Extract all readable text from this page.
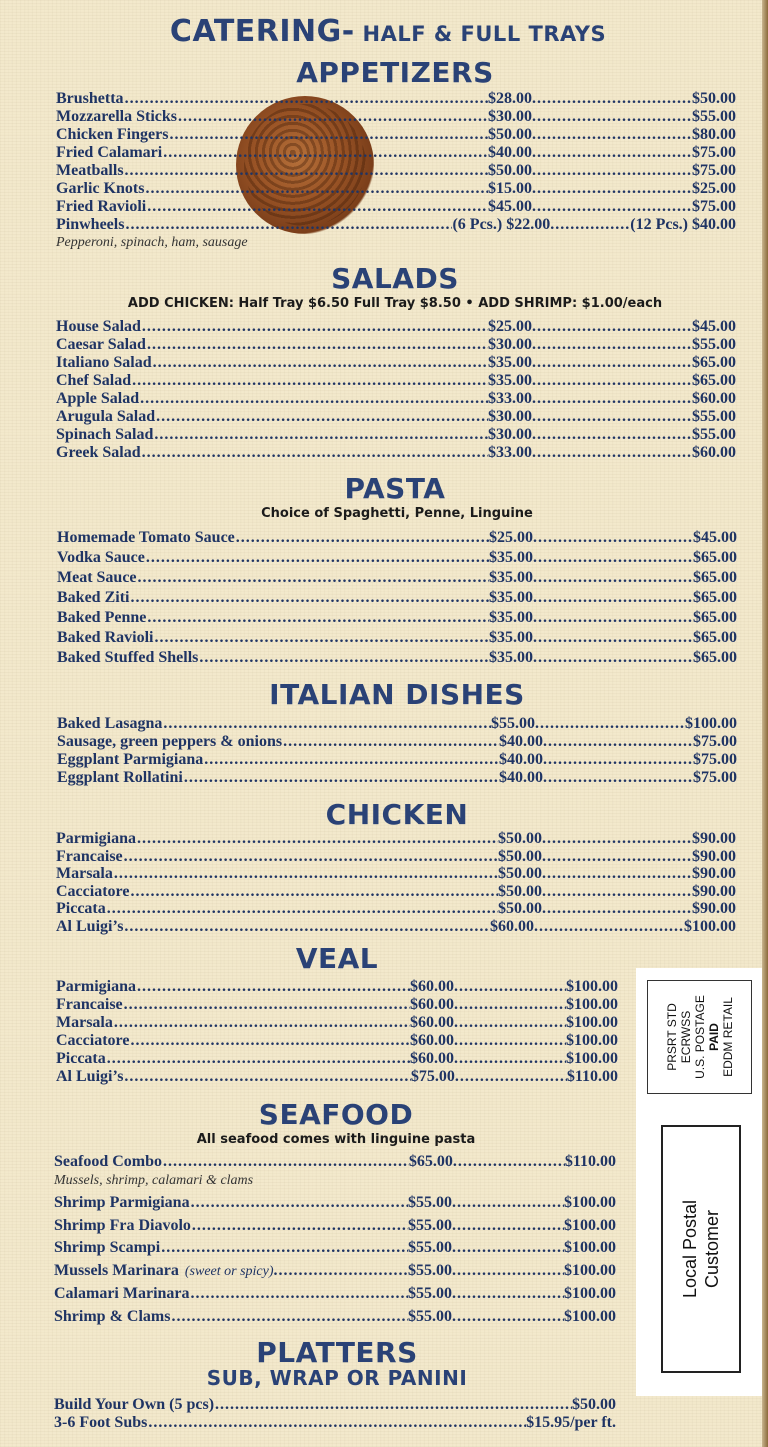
CATERING- HALF & FULL TRAYS
APPETIZERS
Brushetta .....	$28.00 .....	$50.00
Mozzarella Sticks .....	$30.00 .....	$55.00
Chicken Fingers .....	$50.00 .....	$80.00
Fried Calamari .....	$40.00 .....	$75.00
Meatballs .....	$50.00 .....	$75.00
Garlic Knots .....	$15.00 .....	$25.00
Fried Ravioli .....	$45.00 .....	$75.00
Pinwheels .....	(6 Pcs.) $22.00 .....	(12 Pcs.) $40.00
Pepperoni, spinach, ham, sausage
SALADS
ADD CHICKEN: Half Tray $6.50 Full Tray $8.50 • ADD SHRIMP: $1.00/each
House Salad .....	$25.00 .....	$45.00
Caesar Salad .....	$30.00 .....	$55.00
Italiano Salad .....	$35.00 .....	$65.00
Chef Salad .....	$35.00 .....	$65.00
Apple Salad .....	$33.00 .....	$60.00
Arugula Salad .....	$30.00 .....	$55.00
Spinach Salad .....	$30.00 .....	$55.00
Greek Salad .....	$33.00 .....	$60.00
PASTA
Choice of Spaghetti, Penne, Linguine
Homemade Tomato Sauce .....	$25.00 .....	$45.00
Vodka Sauce .....	$35.00 .....	$65.00
Meat Sauce .....	$35.00 .....	$65.00
Baked Ziti .....	$35.00 .....	$65.00
Baked Penne .....	$35.00 .....	$65.00
Baked Ravioli .....	$35.00 .....	$65.00
Baked Stuffed Shells .....	$35.00 .....	$65.00
ITALIAN DISHES
Baked Lasagna .....	$55.00 .....	$100.00
Sausage, green peppers & onions .....	$40.00 .....	$75.00
Eggplant Parmigiana .....	$40.00 .....	$75.00
Eggplant Rollatini .....	$40.00 .....	$75.00
CHICKEN
Parmigiana .....	$50.00 .....	$90.00
Francaise .....	$50.00 .....	$90.00
Marsala .....	$50.00 .....	$90.00
Cacciatore .....	$50.00 .....	$90.00
Piccata .....	$50.00 .....	$90.00
Al Luigi’s .....	$60.00 .....	$100.00
VEAL
Parmigiana .....	$60.00 .....	$100.00
Francaise .....	$60.00 .....	$100.00
Marsala .....	$60.00 .....	$100.00
Cacciatore .....	$60.00 .....	$100.00
Piccata .....	$60.00 .....	$100.00
Al Luigi’s .....	$75.00 .....	$110.00
SEAFOOD
All seafood comes with linguine pasta
Seafood Combo .....	$65.00 .....	$110.00
Mussels, shrimp, calamari & clams
Shrimp Parmigiana .....	$55.00 .....	$100.00
Shrimp Fra Diavolo .....	$55.00 .....	$100.00
Shrimp Scampi .....	$55.00 .....	$100.00
Mussels Marinara (sweet or spicy) .....	$55.00 .....	$100.00
Calamari Marinara .....	$55.00 .....	$100.00
Shrimp & Clams .....	$55.00 .....	$100.00
PLATTERS
SUB, WRAP OR PANINI
Build Your Own (5 pcs) .....	$50.00
3-6 Foot Subs .....	$15.95/per ft.
PRSRT STD ECRWSS U.S. POSTAGE PAID EDDM RETAIL
Local Postal Customer
